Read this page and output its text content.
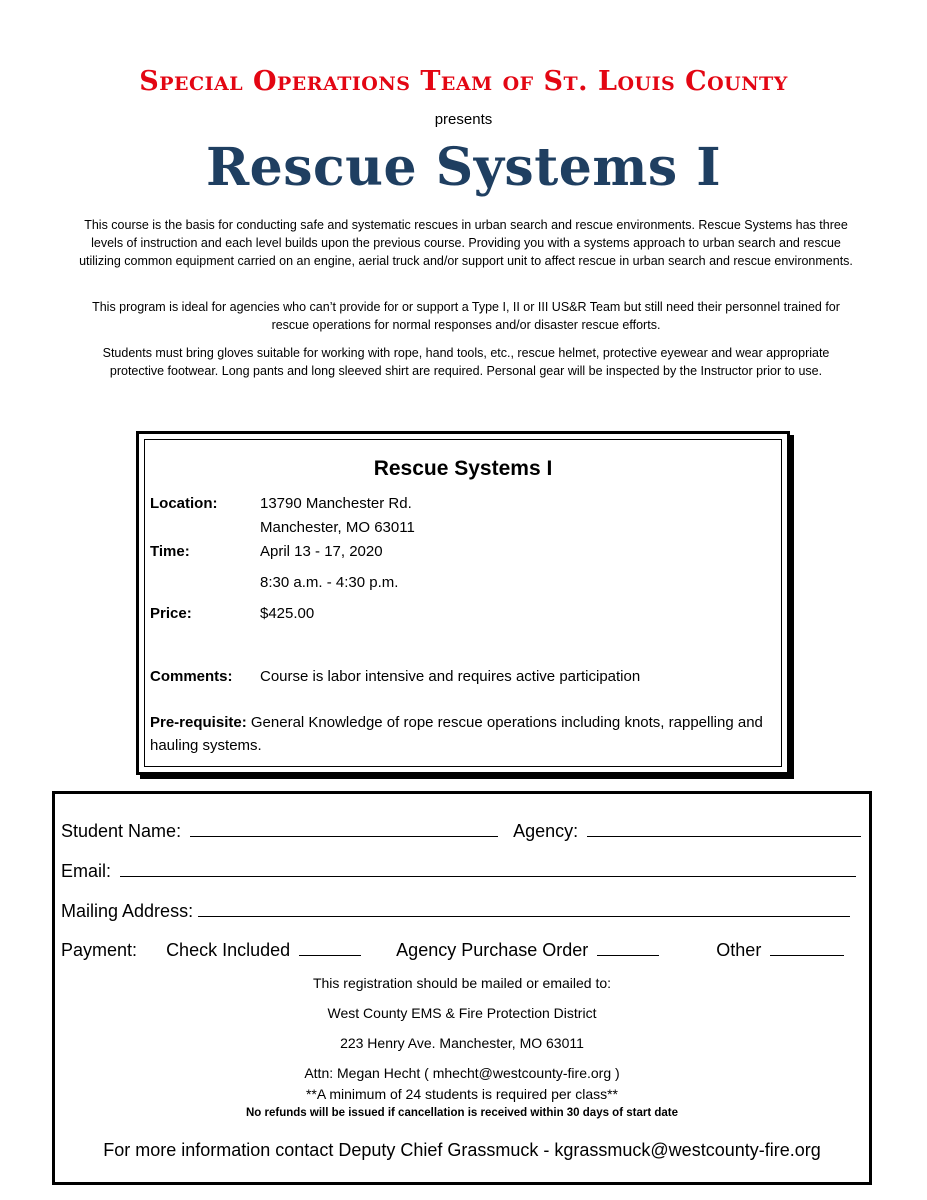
Special Operations Team of St. Louis County
presents
Rescue Systems I
This course is the basis for conducting safe and systematic rescues in urban search and rescue environments. Rescue Systems has three levels of instruction and each level builds upon the previous course. Providing you with a systems approach to urban search and rescue utilizing common equipment carried on an engine, aerial truck and/or support unit to affect rescue in urban search and rescue environments.
This program is ideal for agencies who can’t provide for or support a Type I, II or III US&R Team but still need their personnel trained for rescue operations for normal responses and/or disaster rescue efforts.
Students must bring gloves suitable for working with rope, hand tools, etc., rescue helmet, protective eyewear and wear appropriate protective footwear. Long pants and long sleeved shirt are required. Personal gear will be inspected by the Instructor prior to use.
Rescue Systems I
Location:	13790 Manchester Rd.
Manchester, MO 63011
Time:	April 13 - 17, 2020
8:30 a.m. - 4:30 p.m.
Price:	$425.00
Comments: Course is labor intensive and requires active participation
Pre-requisite: General Knowledge of rope rescue operations including knots, rappelling and hauling systems.
Student Name:	Agency:
Email:
Mailing Address:
Payment: Check Included	Agency Purchase Order	Other
This registration should be mailed or emailed to:
West County EMS & Fire Protection District
223 Henry Ave. Manchester, MO 63011
Attn: Megan Hecht ( mhecht@westcounty-fire.org )
**A minimum of 24 students is required per class**
No refunds will be issued if cancellation is received within 30 days of start date
For more information contact Deputy Chief Grassmuck - kgrassmuck@westcounty-fire.org
